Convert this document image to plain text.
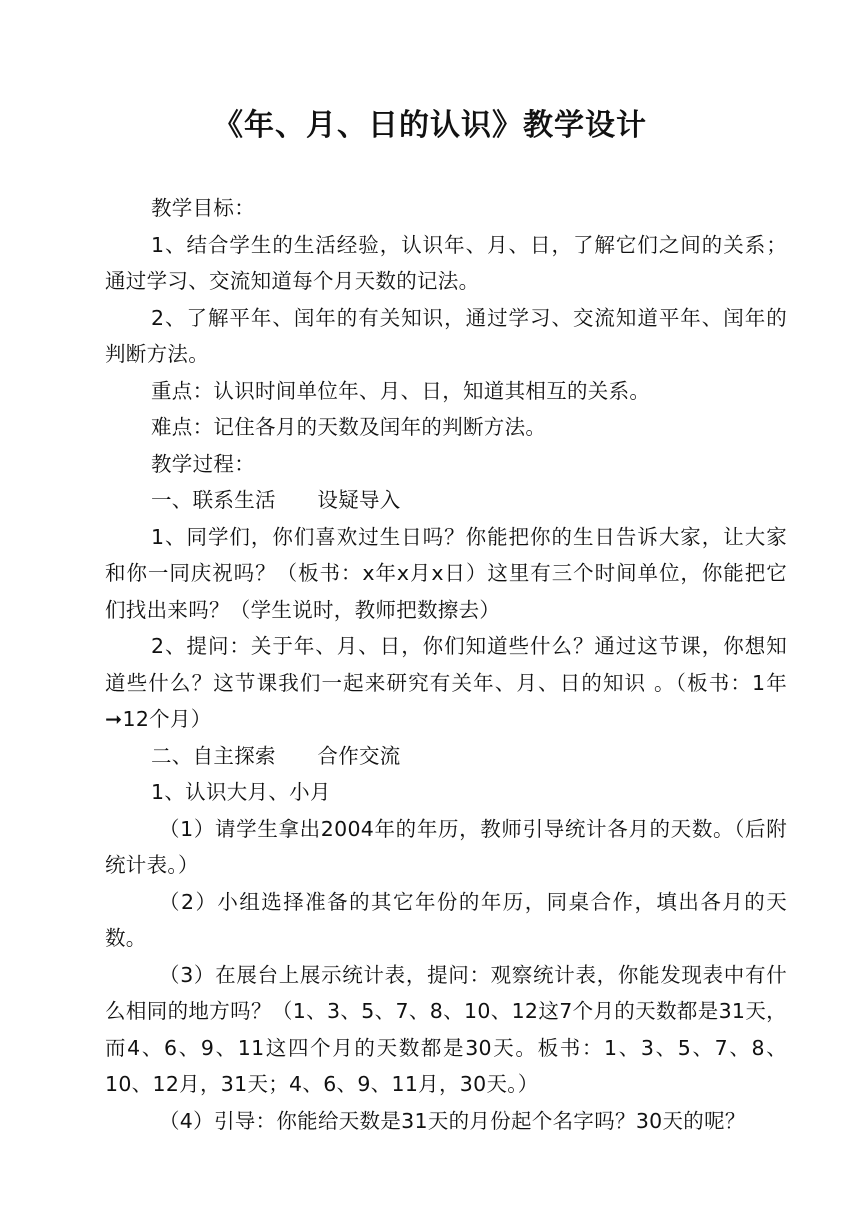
《年、月、日的认识》教学设计

教学目标：

1、结合学生的生活经验，认识年、月、日，了解它们之间的关系；通过学习、交流知道每个月天数的记法。

2、了解平年、闰年的有关知识，通过学习、交流知道平年、闰年的判断方法。

重点：认识时间单位年、月、日，知道其相互的关系。

难点：记住各月的天数及闰年的判断方法。

教学过程：

一、联系生活　　设疑导入

1、同学们，你们喜欢过生日吗？你能把你的生日告诉大家，让大家和你一同庆祝吗？（板书：x年x月x日）这里有三个时间单位，你能把它们找出来吗？（学生说时，教师把数擦去）

2、提问：关于年、月、日，你们知道些什么？通过这节课，你想知道些什么？这节课我们一起来研究有关年、月、日的知识 。（板书：1年➞12个月）

二、自主探索　　合作交流

1、认识大月、小月

（1）请学生拿出2004年的年历，教师引导统计各月的天数。（后附统计表。）

（2）小组选择准备的其它年份的年历，同桌合作，填出各月的天数。

（3）在展台上展示统计表，提问：观察统计表，你能发现表中有什么相同的地方吗？（1、3、5、7、8、10、12这7个月的天数都是31天，而4、6、9、11这四个月的天数都是30天。板书：1、3、5、7、8、10、12月，31天；4、6、9、11月，30天。）

（4）引导：你能给天数是31天的月份起个名字吗？30天的呢？
